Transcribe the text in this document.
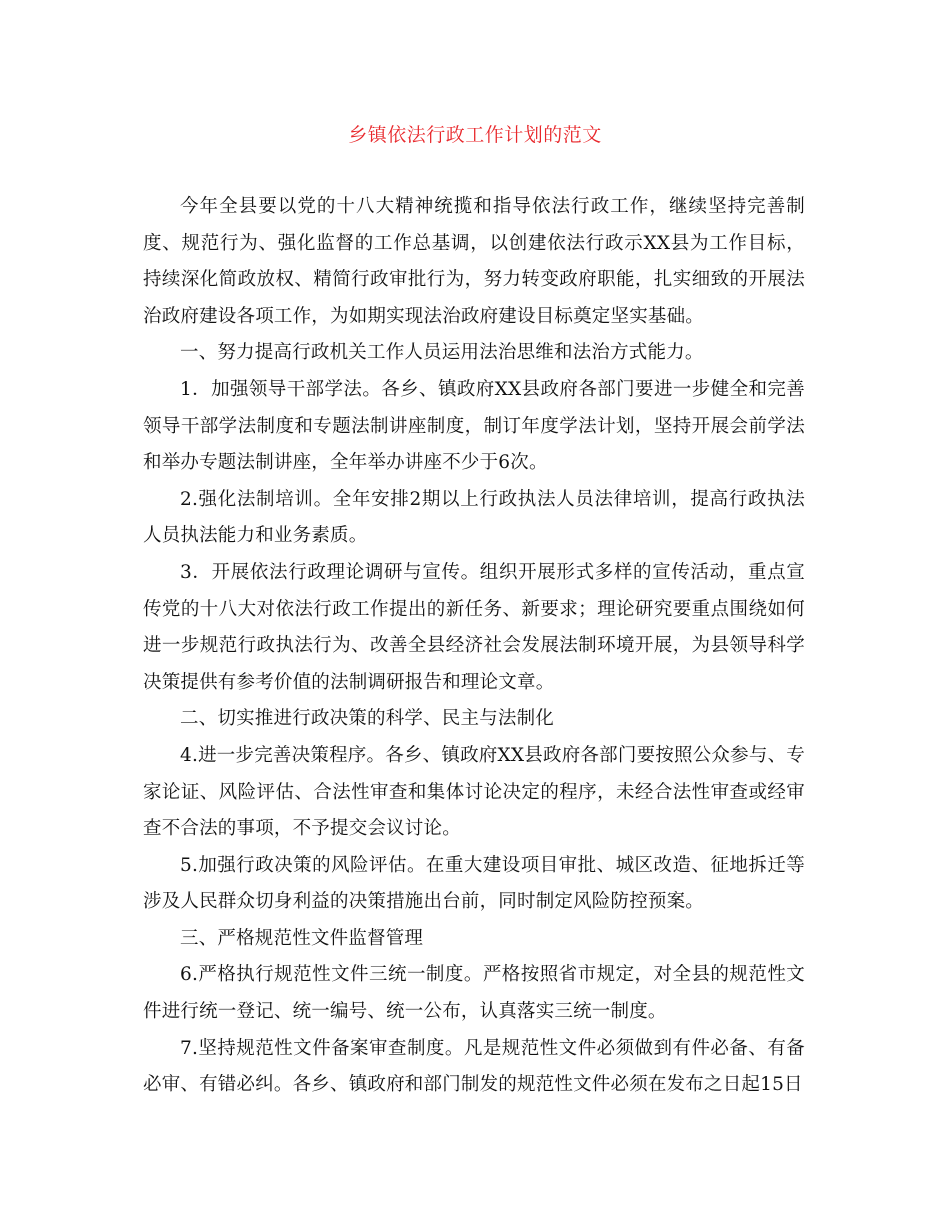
乡镇依法行政工作计划的范文

今年全县要以党的十八大精神统揽和指导依法行政工作，继续坚持完善制度、规范行为、强化监督的工作总基调，以创建依法行政示XX县为工作目标，持续深化简政放权、精简行政审批行为，努力转变政府职能，扎实细致的开展法治政府建设各项工作，为如期实现法治政府建设目标奠定坚实基础。

一、努力提高行政机关工作人员运用法治思维和法治方式能力。

1．加强领导干部学法。各乡、镇政府XX县政府各部门要进一步健全和完善领导干部学法制度和专题法制讲座制度，制订年度学法计划，坚持开展会前学法和举办专题法制讲座，全年举办讲座不少于6次。

2.强化法制培训。全年安排2期以上行政执法人员法律培训，提高行政执法人员执法能力和业务素质。

3．开展依法行政理论调研与宣传。组织开展形式多样的宣传活动，重点宣传党的十八大对依法行政工作提出的新任务、新要求；理论研究要重点围绕如何进一步规范行政执法行为、改善全县经济社会发展法制环境开展，为县领导科学决策提供有参考价值的法制调研报告和理论文章。

二、切实推进行政决策的科学、民主与法制化

4.进一步完善决策程序。各乡、镇政府XX县政府各部门要按照公众参与、专家论证、风险评估、合法性审查和集体讨论决定的程序，未经合法性审查或经审查不合法的事项，不予提交会议讨论。

5.加强行政决策的风险评估。在重大建设项目审批、城区改造、征地拆迁等涉及人民群众切身利益的决策措施出台前，同时制定风险防控预案。

三、严格规范性文件监督管理

6.严格执行规范性文件三统一制度。严格按照省市规定，对全县的规范性文件进行统一登记、统一编号、统一公布，认真落实三统一制度。

7.坚持规范性文件备案审查制度。凡是规范性文件必须做到有件必备、有备必审、有错必纠。各乡、镇政府和部门制发的规范性文件必须在发布之日起15日
